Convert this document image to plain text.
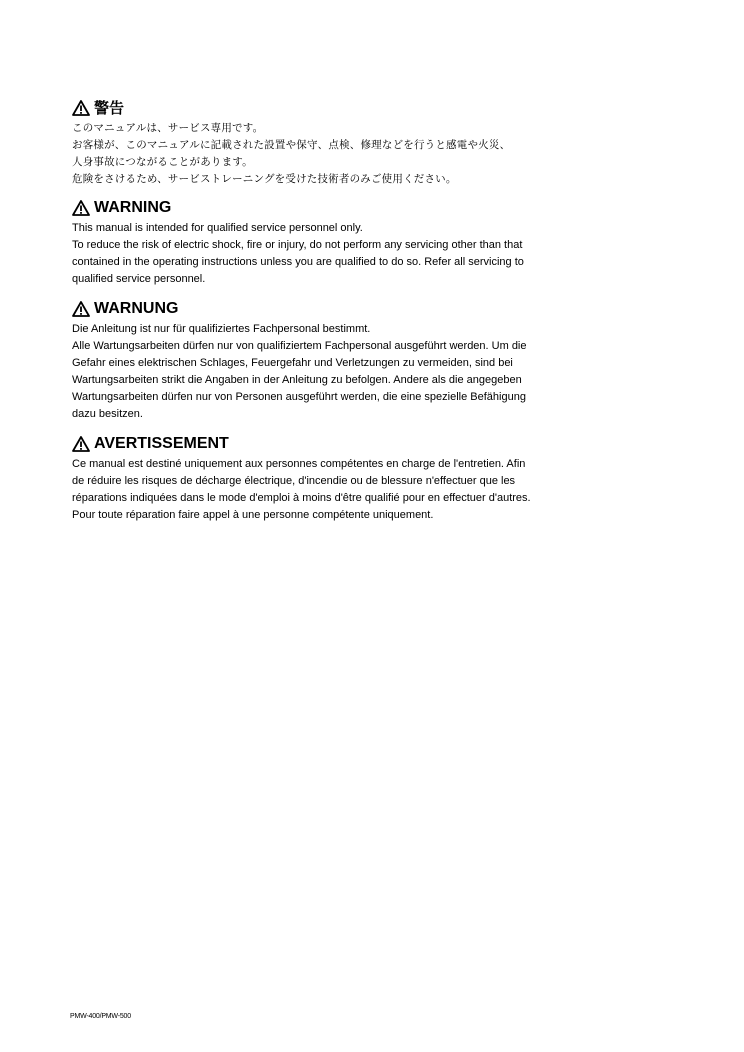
警告
このマニュアルは、サービス専用です。
お客様が、このマニュアルに記載された設置や保守、点検、修理などを行うと感電や火災、
人身事故につながることがあります。
危険をさけるため、サービストレーニングを受けた技術者のみご使用ください。
WARNING
This manual is intended for qualified service personnel only.
To reduce the risk of electric shock, fire or injury, do not perform any servicing other than that
contained in the operating instructions unless you are qualified to do so. Refer all servicing to
qualified service personnel.
WARNUNG
Die Anleitung ist nur für qualifiziertes Fachpersonal bestimmt.
Alle Wartungsarbeiten dürfen nur von qualifiziertem Fachpersonal ausgeführt werden. Um die
Gefahr eines elektrischen Schlages, Feuergefahr und Verletzungen zu vermeiden, sind bei
Wartungsarbeiten strikt die Angaben in der Anleitung zu befolgen. Andere als die angegeben
Wartungsarbeiten dürfen nur von Personen ausgeführt werden, die eine spezielle Befähigung
dazu besitzen.
AVERTISSEMENT
Ce manual est destiné uniquement aux personnes compétentes en charge de l'entretien. Afin
de réduire les risques de décharge électrique, d'incendie ou de blessure n'effectuer que les
réparations indiquées dans le mode d'emploi à moins d'être qualifié pour en effectuer d'autres.
Pour toute réparation faire appel à une personne compétente uniquement.
PMW-400/PMW-500
